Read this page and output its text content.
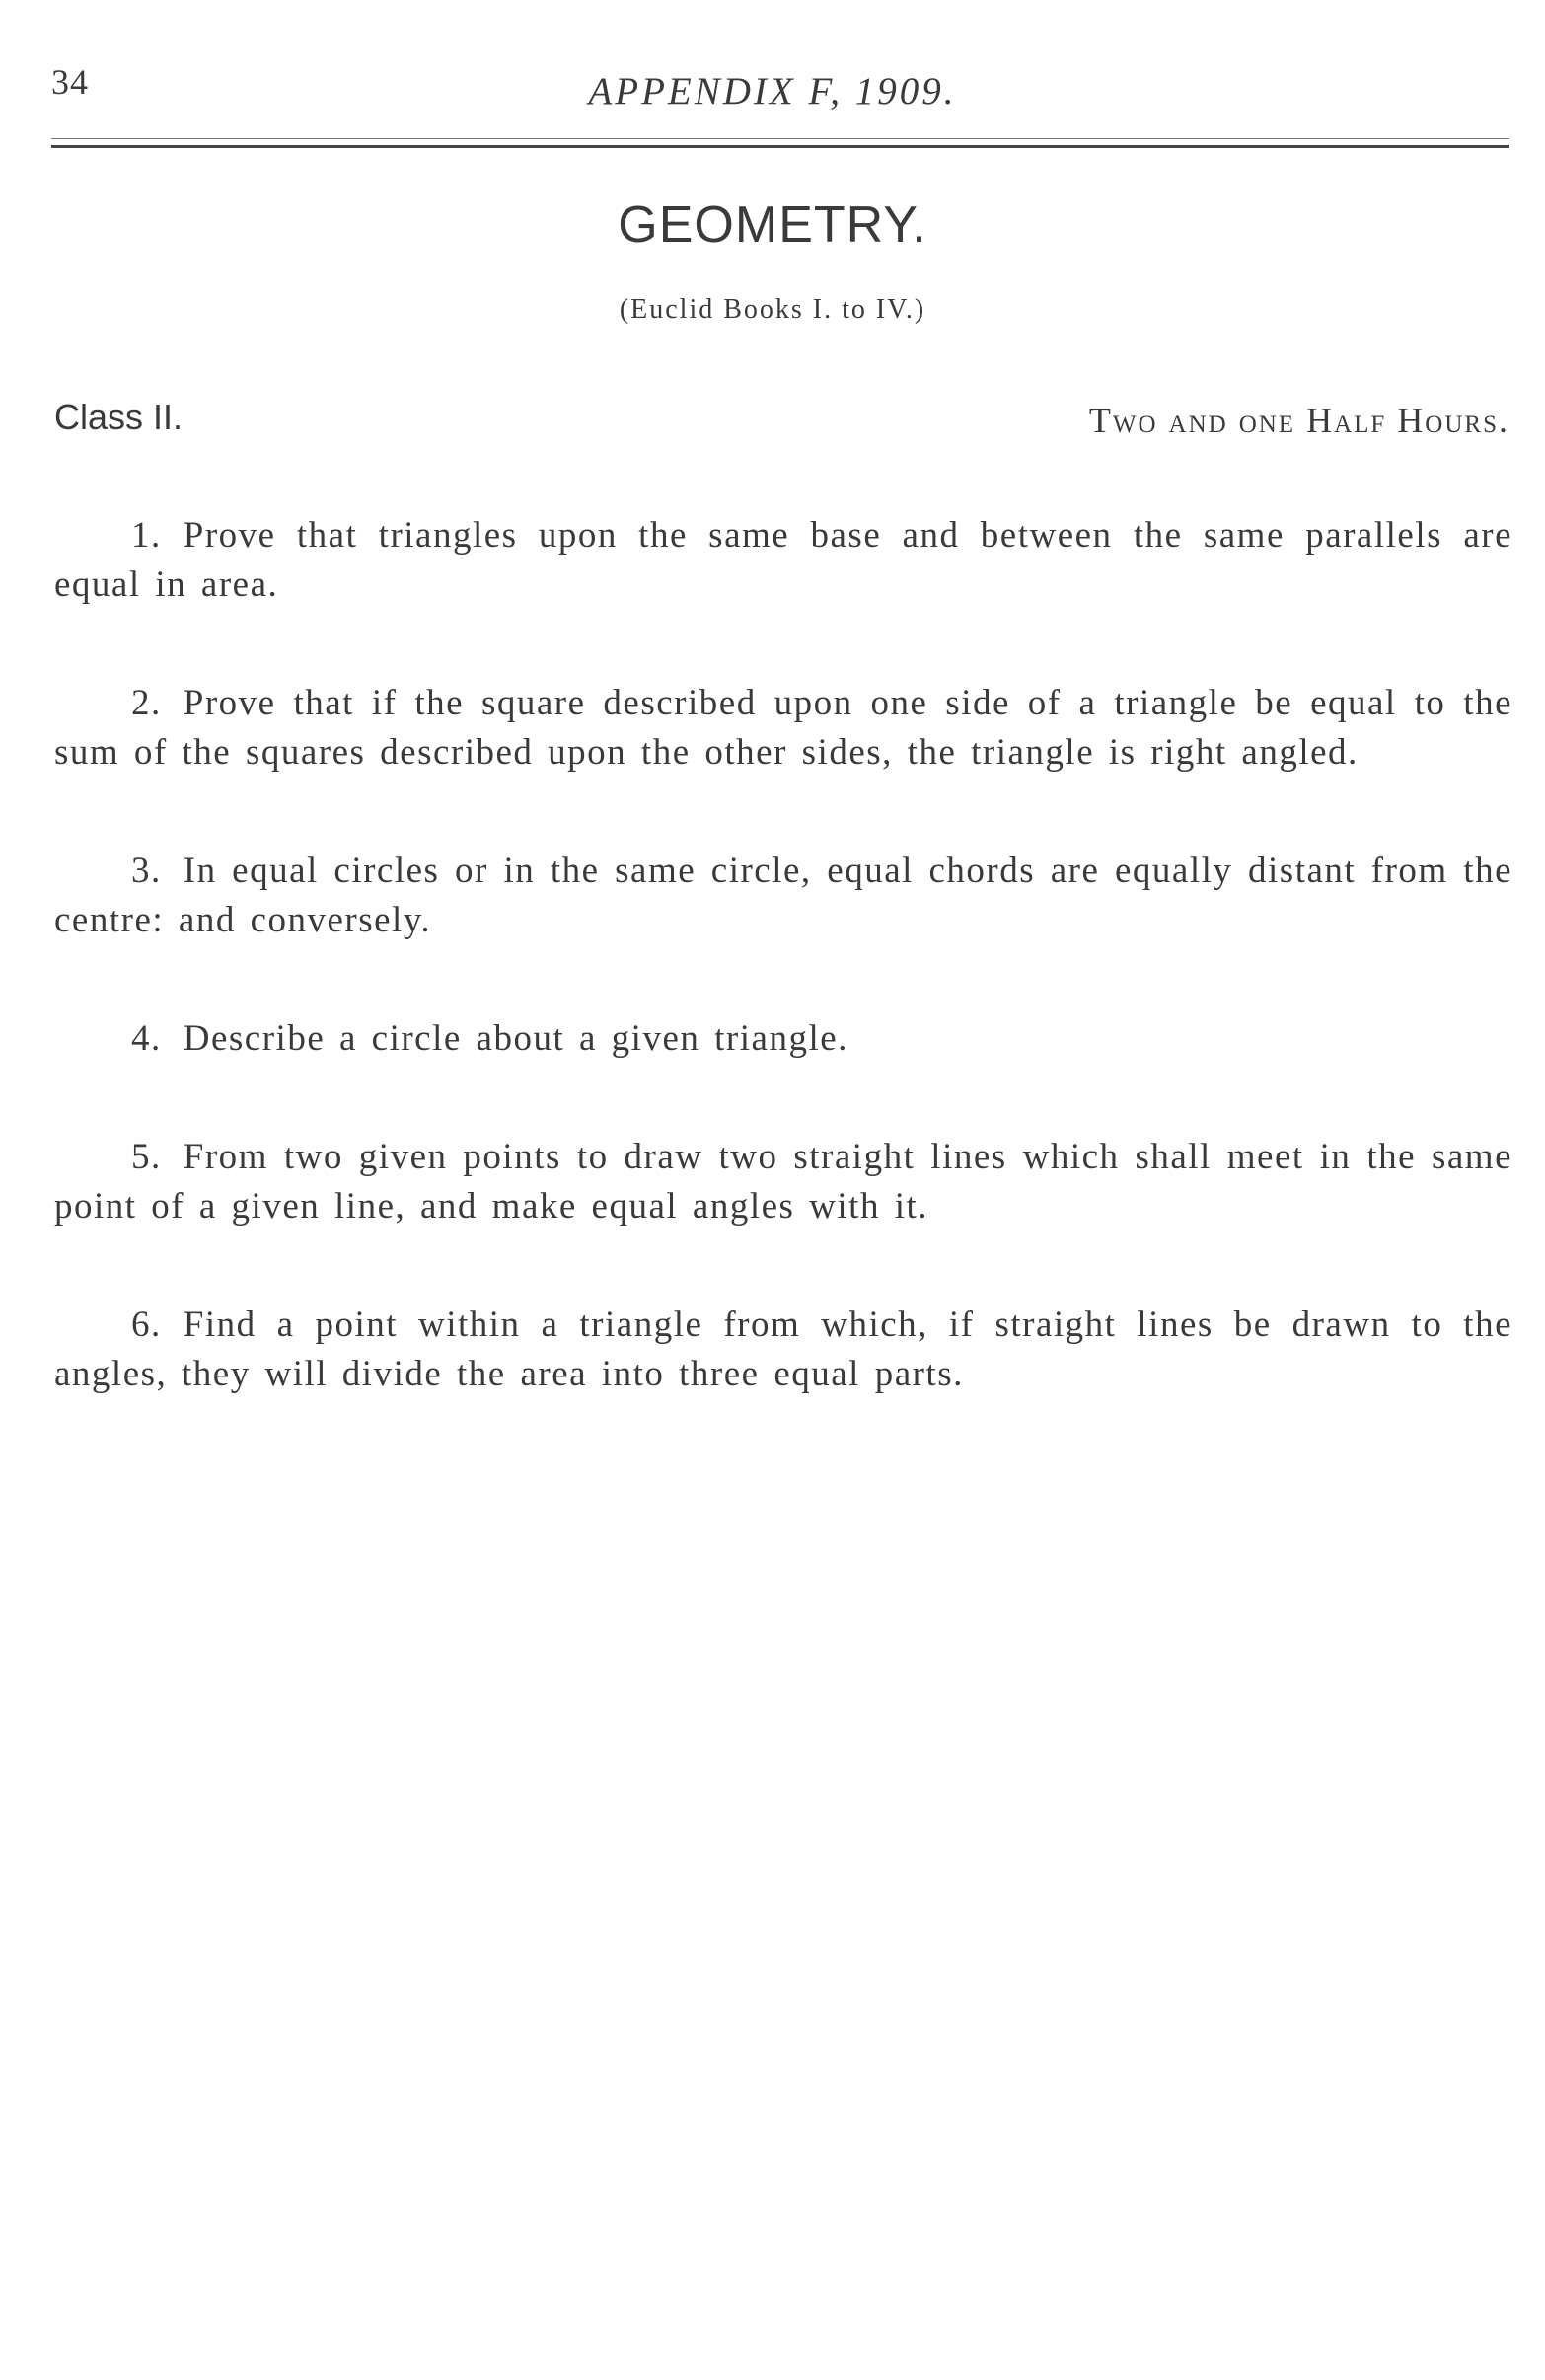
34	APPENDIX F, 1909.
GEOMETRY.
(Euclid Books I. to IV.)
Class II.	Two and one Half Hours.

1. Prove that triangles upon the same base and between the same parallels are equal in area.

2. Prove that if the square described upon one side of a triangle be equal to the sum of the squares described upon the other sides, the triangle is right angled.

3. In equal circles or in the same circle, equal chords are equally distant from the centre: and conversely.

4. Describe a circle about a given triangle.

5. From two given points to draw two straight lines which shall meet in the same point of a given line, and make equal angles with it.

6. Find a point within a triangle from which, if straight lines be drawn to the angles, they will divide the area into three equal parts.
